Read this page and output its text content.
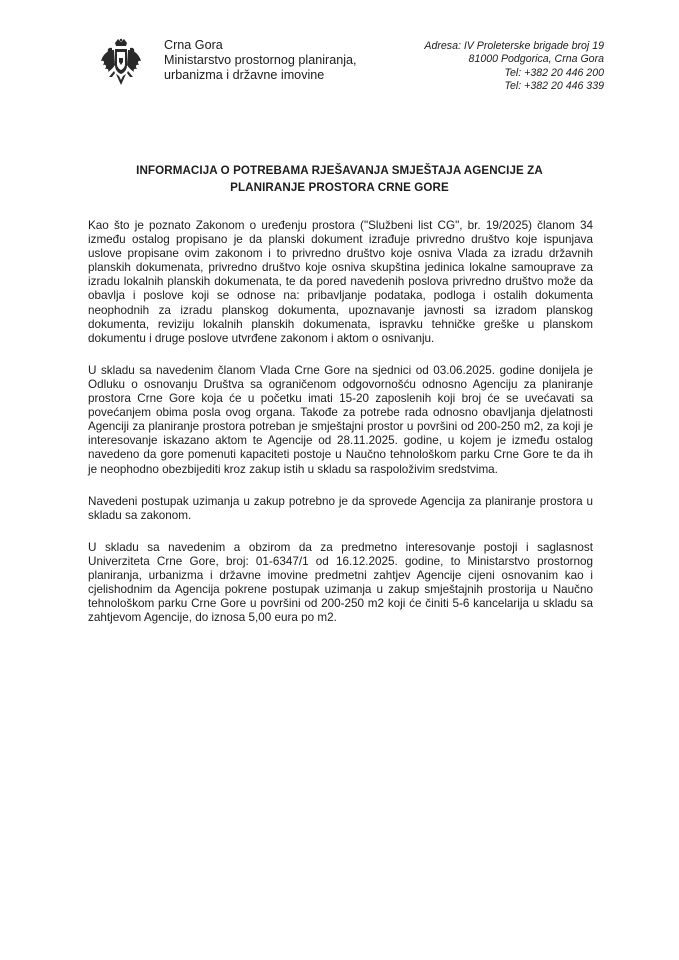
Crna Gora
Ministarstvo prostornog planiranja,
urbanizma i državne imovine
Adresa: IV Proleterske brigade broj 19
81000 Podgorica, Crna Gora
Tel: +382 20 446 200
Tel: +382 20 446 339
INFORMACIJA O POTREBAMA RJEŠAVANJA SMJEŠTAJA AGENCIJE ZA
PLANIRANJE PROSTORA CRNE GORE

Kao što je poznato Zakonom o uređenju prostora ("Službeni list CG", br. 19/2025) članom 34 između ostalog propisano je da planski dokument izrađuje privredno društvo koje ispunjava uslove propisane ovim zakonom i to privredno društvo koje osniva Vlada za izradu državnih planskih dokumenata, privredno društvo koje osniva skupština jedinica lokalne samouprave za izradu lokalnih planskih dokumenata, te da pored navedenih poslova privredno društvo može da obavlja i poslove koji se odnose na: pribavljanje podataka, podloga i ostalih dokumenta neophodnih za izradu planskog dokumenta, upoznavanje javnosti sa izradom planskog dokumenta, reviziju lokalnih planskih dokumenata, ispravku tehničke greške u planskom dokumentu i druge poslove utvrđene zakonom i aktom o osnivanju.

U skladu sa navedenim članom Vlada Crne Gore na sjednici od 03.06.2025. godine donijela je Odluku o osnovanju Društva sa ograničenom odgovornošću odnosno Agenciju za planiranje prostora Crne Gore koja će u početku imati 15-20 zaposlenih koji broj će se uvećavati sa povećanjem obima posla ovog organa. Takođe za potrebe rada odnosno obavljanja djelatnosti Agenciji za planiranje prostora potreban je smještajni prostor u površini od 200-250 m2, za koji je interesovanje iskazano aktom te Agencije od 28.11.2025. godine, u kojem je između ostalog navedeno da gore pomenuti kapaciteti postoje u Naučno tehnološkom parku Crne Gore te da ih je neophodno obezbijediti kroz zakup istih u skladu sa raspoloživim sredstvima.

Navedeni postupak uzimanja u zakup potrebno je da sprovede Agencija za planiranje prostora u skladu sa zakonom.

U skladu sa navedenim a obzirom da za predmetno interesovanje postoji i saglasnost Univerziteta Crne Gore, broj: 01-6347/1 od 16.12.2025. godine, to Ministarstvo prostornog planiranja, urbanizma i državne imovine predmetni zahtjev Agencije cijeni osnovanim kao i cjelishodnim da Agencija pokrene postupak uzimanja u zakup smještajnih prostorija u Naučno tehnološkom parku Crne Gore u površini od 200-250 m2 koji će činiti 5-6 kancelarija u skladu sa zahtjevom Agencije, do iznosa 5,00 eura po m2.
